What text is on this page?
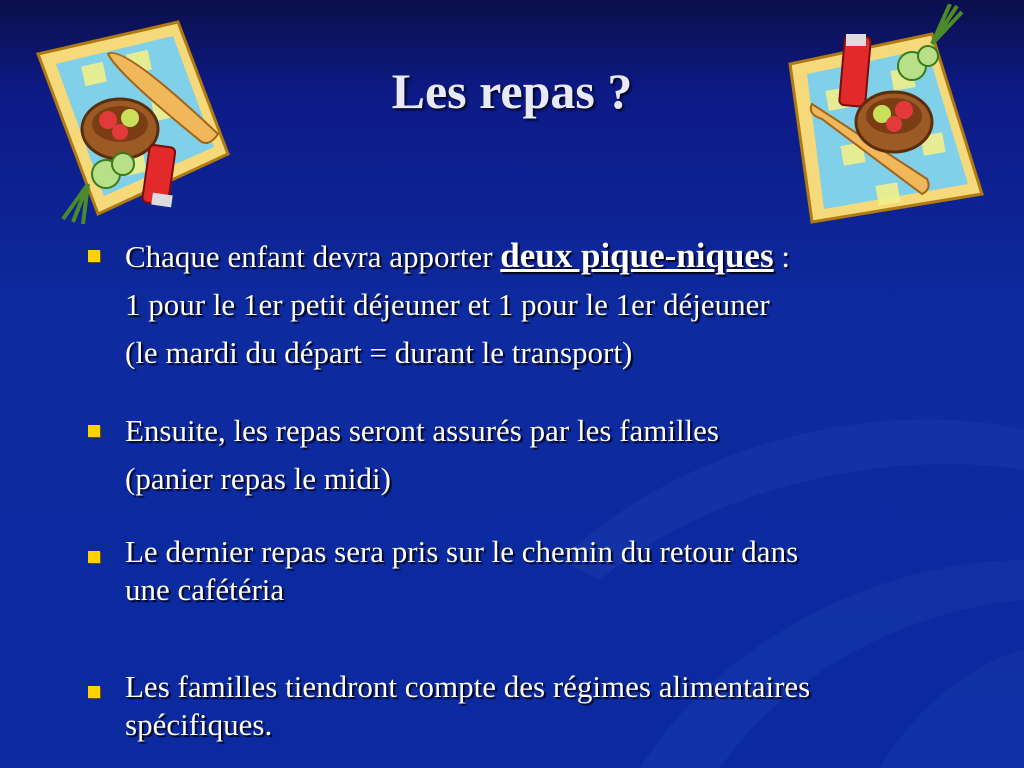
Les repas ?
Chaque enfant devra apporter deux pique-niques :
1 pour le 1er petit déjeuner et 1 pour le 1er déjeuner
(le mardi du départ = durant le transport)
Ensuite, les repas seront assurés par les familles
(panier repas le midi)
Le dernier repas sera pris sur le chemin du retour dans
une cafétéria
Les familles tiendront compte des régimes alimentaires
spécifiques.
